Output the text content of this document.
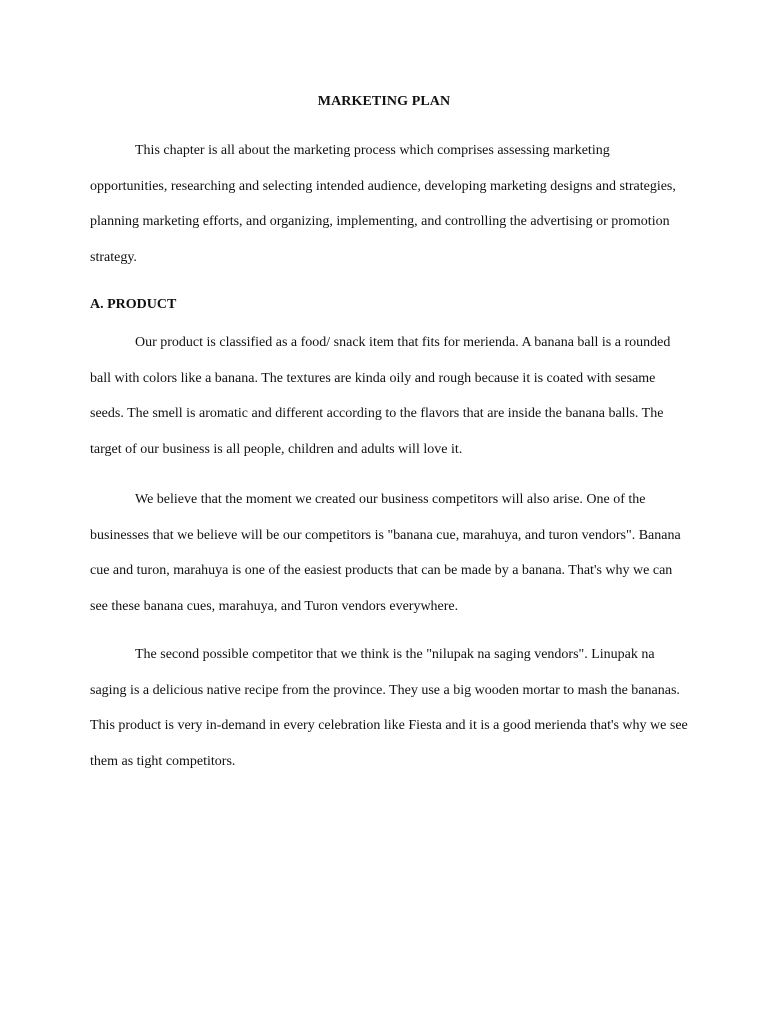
MARKETING PLAN
This chapter is all about the marketing process which comprises assessing marketing opportunities, researching and selecting intended audience, developing marketing designs and strategies, planning marketing efforts, and organizing, implementing, and controlling the advertising or promotion strategy.
A. PRODUCT
Our product is classified as a food/ snack item that fits for merienda. A banana ball is a rounded ball with colors like a banana. The textures are kinda oily and rough because it is coated with sesame seeds. The smell is aromatic and different according to the flavors that are inside the banana balls. The target of our business is all people, children and adults will love it.
We believe that the moment we created our business competitors will also arise. One of the businesses that we believe will be our competitors is "banana cue, marahuya, and turon vendors". Banana cue and turon, marahuya is one of the easiest products that can be made by a banana. That's why we can see these banana cues, marahuya, and Turon vendors everywhere.
The second possible competitor that we think is the "nilupak na saging vendors". Linupak na saging is a delicious native recipe from the province. They use a big wooden mortar to mash the bananas. This product is very in-demand in every celebration like Fiesta and it is a good merienda that's why we see them as tight competitors.
